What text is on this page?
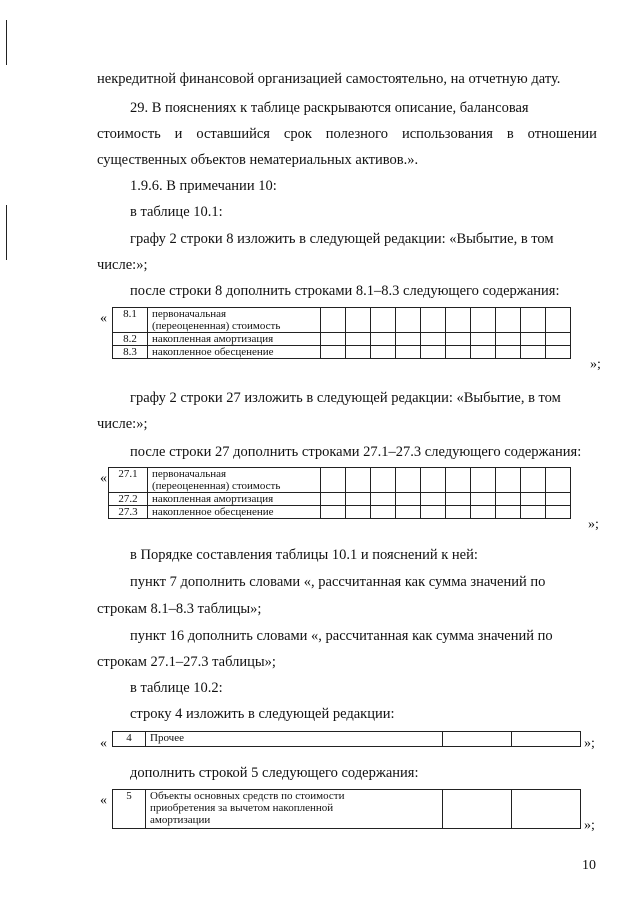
некредитной финансовой организацией самостоятельно, на отчетную дату.
29. В пояснениях к таблице раскрываются описание, балансовая
стоимость и оставшийся срок полезного использования в отношении
существенных объектов нематериальных активов.».
1.9.6. В примечании 10:
в таблице 10.1:
графу 2 строки 8 изложить в следующей редакции: «Выбытие, в том
числе:»;
после строки 8 дополнить строками 8.1–8.3 следующего содержания:
« 8.1	первоначальная
(переоцененная) стоимость										
8.2	накопленная амортизация										
8.3	накопленное обесценение										
»;
графу 2 строки 27 изложить в следующей редакции: «Выбытие, в том
числе:»;
после строки 27 дополнить строками 27.1–27.3 следующего содержания:
« 27.1	первоначальная
(переоцененная) стоимость										
27.2	накопленная амортизация										
27.3	накопленное обесценение										
»;
в Порядке составления таблицы 10.1 и пояснений к ней:
пункт 7 дополнить словами «, рассчитанная как сумма значений по
строкам 8.1–8.3 таблицы»;
пункт 16 дополнить словами «, рассчитанная как сумма значений по
строкам 27.1–27.3 таблицы»;
в таблице 10.2:
строку 4 изложить в следующей редакции:
« 4	Прочее			»;
дополнить строкой 5 следующего содержания:
« 5	Объекты основных средств по стоимости
приобретения за вычетом накопленной
амортизации			»;
10
